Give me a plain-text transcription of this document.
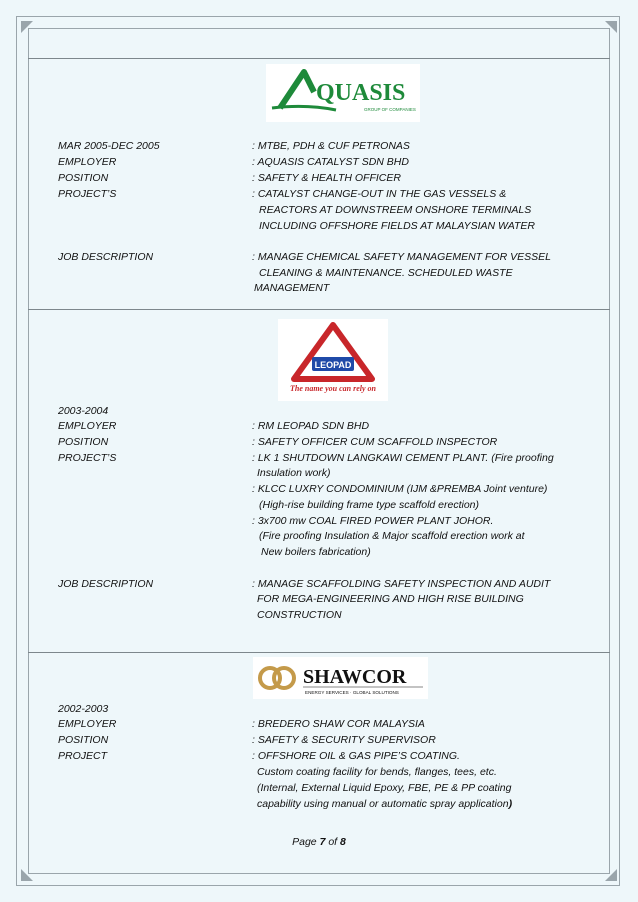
QUASIS
GROUP OF COMPANIES
MAR 2005-DEC 2005	: MTBE, PDH & CUF PETRONAS
EMPLOYER	: AQUASIS CATALYST SDN BHD
POSITION	: SAFETY & HEALTH OFFICER
PROJECT’S	: CATALYST CHANGE-OUT IN THE GAS VESSELS &
REACTORS AT DOWNSTREEM ONSHORE TERMINALS
INCLUDING OFFSHORE FIELDS AT MALAYSIAN WATER
JOB DESCRIPTION	: MANAGE CHEMICAL SAFETY MANAGEMENT FOR VESSEL
CLEANING & MAINTENANCE. SCHEDULED WASTE
MANAGEMENT
LEOPAD
The name you can rely on
2003-2004
EMPLOYER	: RM LEOPAD SDN BHD
POSITION	: SAFETY OFFICER CUM SCAFFOLD INSPECTOR
PROJECT’S	: LK 1 SHUTDOWN LANGKAWI CEMENT PLANT. (Fire proofing
Insulation work)
: KLCC LUXRY CONDOMINIUM (IJM &PREMBA Joint venture)
(High-rise building frame type scaffold erection)
: 3x700 mw COAL FIRED POWER PLANT JOHOR.
(Fire proofing Insulation & Major scaffold erection work at
New boilers fabrication)
JOB DESCRIPTION	: MANAGE SCAFFOLDING SAFETY INSPECTION AND AUDIT
FOR MEGA-ENGINEERING AND HIGH RISE BUILDING
CONSTRUCTION
SHAWCOR
ENERGY SERVICES · GLOBAL SOLUTIONS
2002-2003
EMPLOYER	: BREDERO SHAW COR MALAYSIA
POSITION	: SAFETY & SECURITY SUPERVISOR
PROJECT	: OFFSHORE OIL & GAS PIPE’S COATING.
Custom coating facility for bends, flanges, tees, etc.
(Internal, External Liquid Epoxy, FBE, PE & PP coating
capability using manual or automatic spray application)
Page 7 of 8
